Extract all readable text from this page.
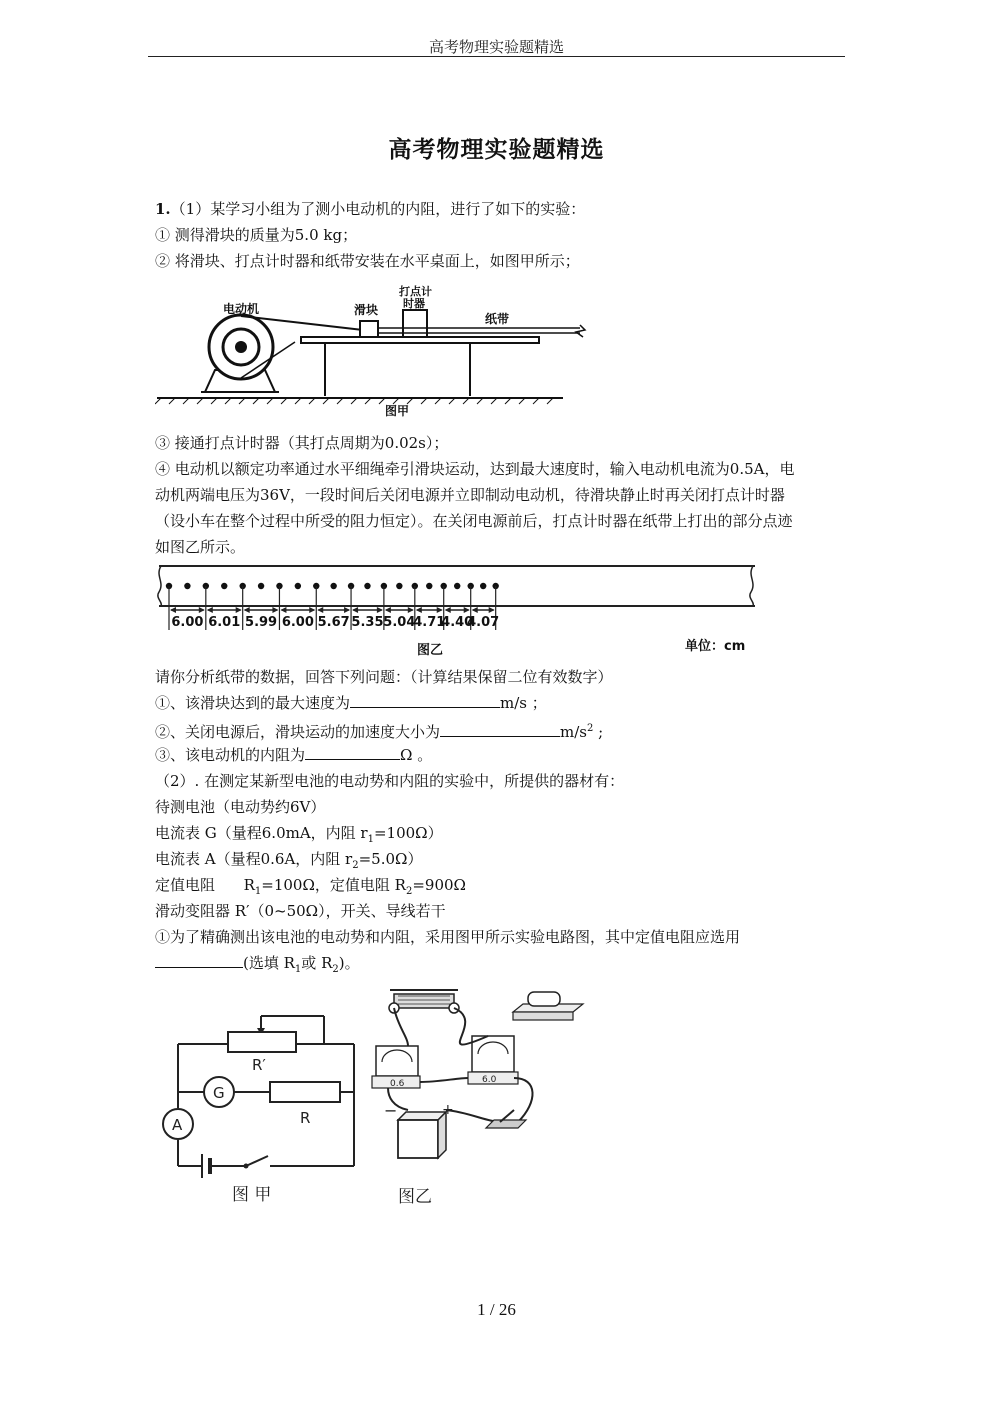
高考物理实验题精选
高考物理实验题精选
1.（1）某学习小组为了测小电动机的内阻，进行了如下的实验：
① 测得滑块的质量为5.0 kg；
② 将滑块、打点计时器和纸带安装在水平桌面上，如图甲所示；
电动机	滑块
打点计
时器
纸带
图甲
③ 接通打点计时器（其打点周期为0.02s）；
④ 电动机以额定功率通过水平细绳牵引滑块运动，达到最大速度时，输入电动机电流为0.5A，电
动机两端电压为36V，一段时间后关闭电源并立即制动电动机，待滑块静止时再关闭打点计时器
（设小车在整个过程中所受的阻力恒定）。在关闭电源前后，打点计时器在纸带上打出的部分点迹
如图乙所示。
6.00 6.01 5.99 6.00 5.67 5.35 5.04
4.71
4.40
4.07
图乙	单位：cm
请你分析纸带的数据，回答下列问题：（计算结果保留二位有效数字）
①、该滑块达到的最大速度为	m/s ；
②、关闭电源后，滑块运动的加速度大小为	$m/s^2$ ;
③、该电动机的内阻为	Ω 。
（2）. 在测定某新型电池的电动势和内阻的实验中，所提供的器材有：
待测电池（电动势约6V）
电流表 G（量程6.0mA，内阻 $r_1=100\Omega$）
电流表 A（量程0.6A，内阻 $r_2=5.0\Omega$）
定值电阻      $R_1=100\Omega$，定值电阻 $R_2=900\Omega$
滑动变阻器 R′（0~50Ω），开关、导线若干
①为了精确测出该电池的电动势和内阻，采用图甲所示实验电路图，其中定值电阻应选用
(选填 $R_1$或 $R_2$)。
R′
G
R
A
图 甲
0.6	6.0
−	+
图乙
1 / 26
